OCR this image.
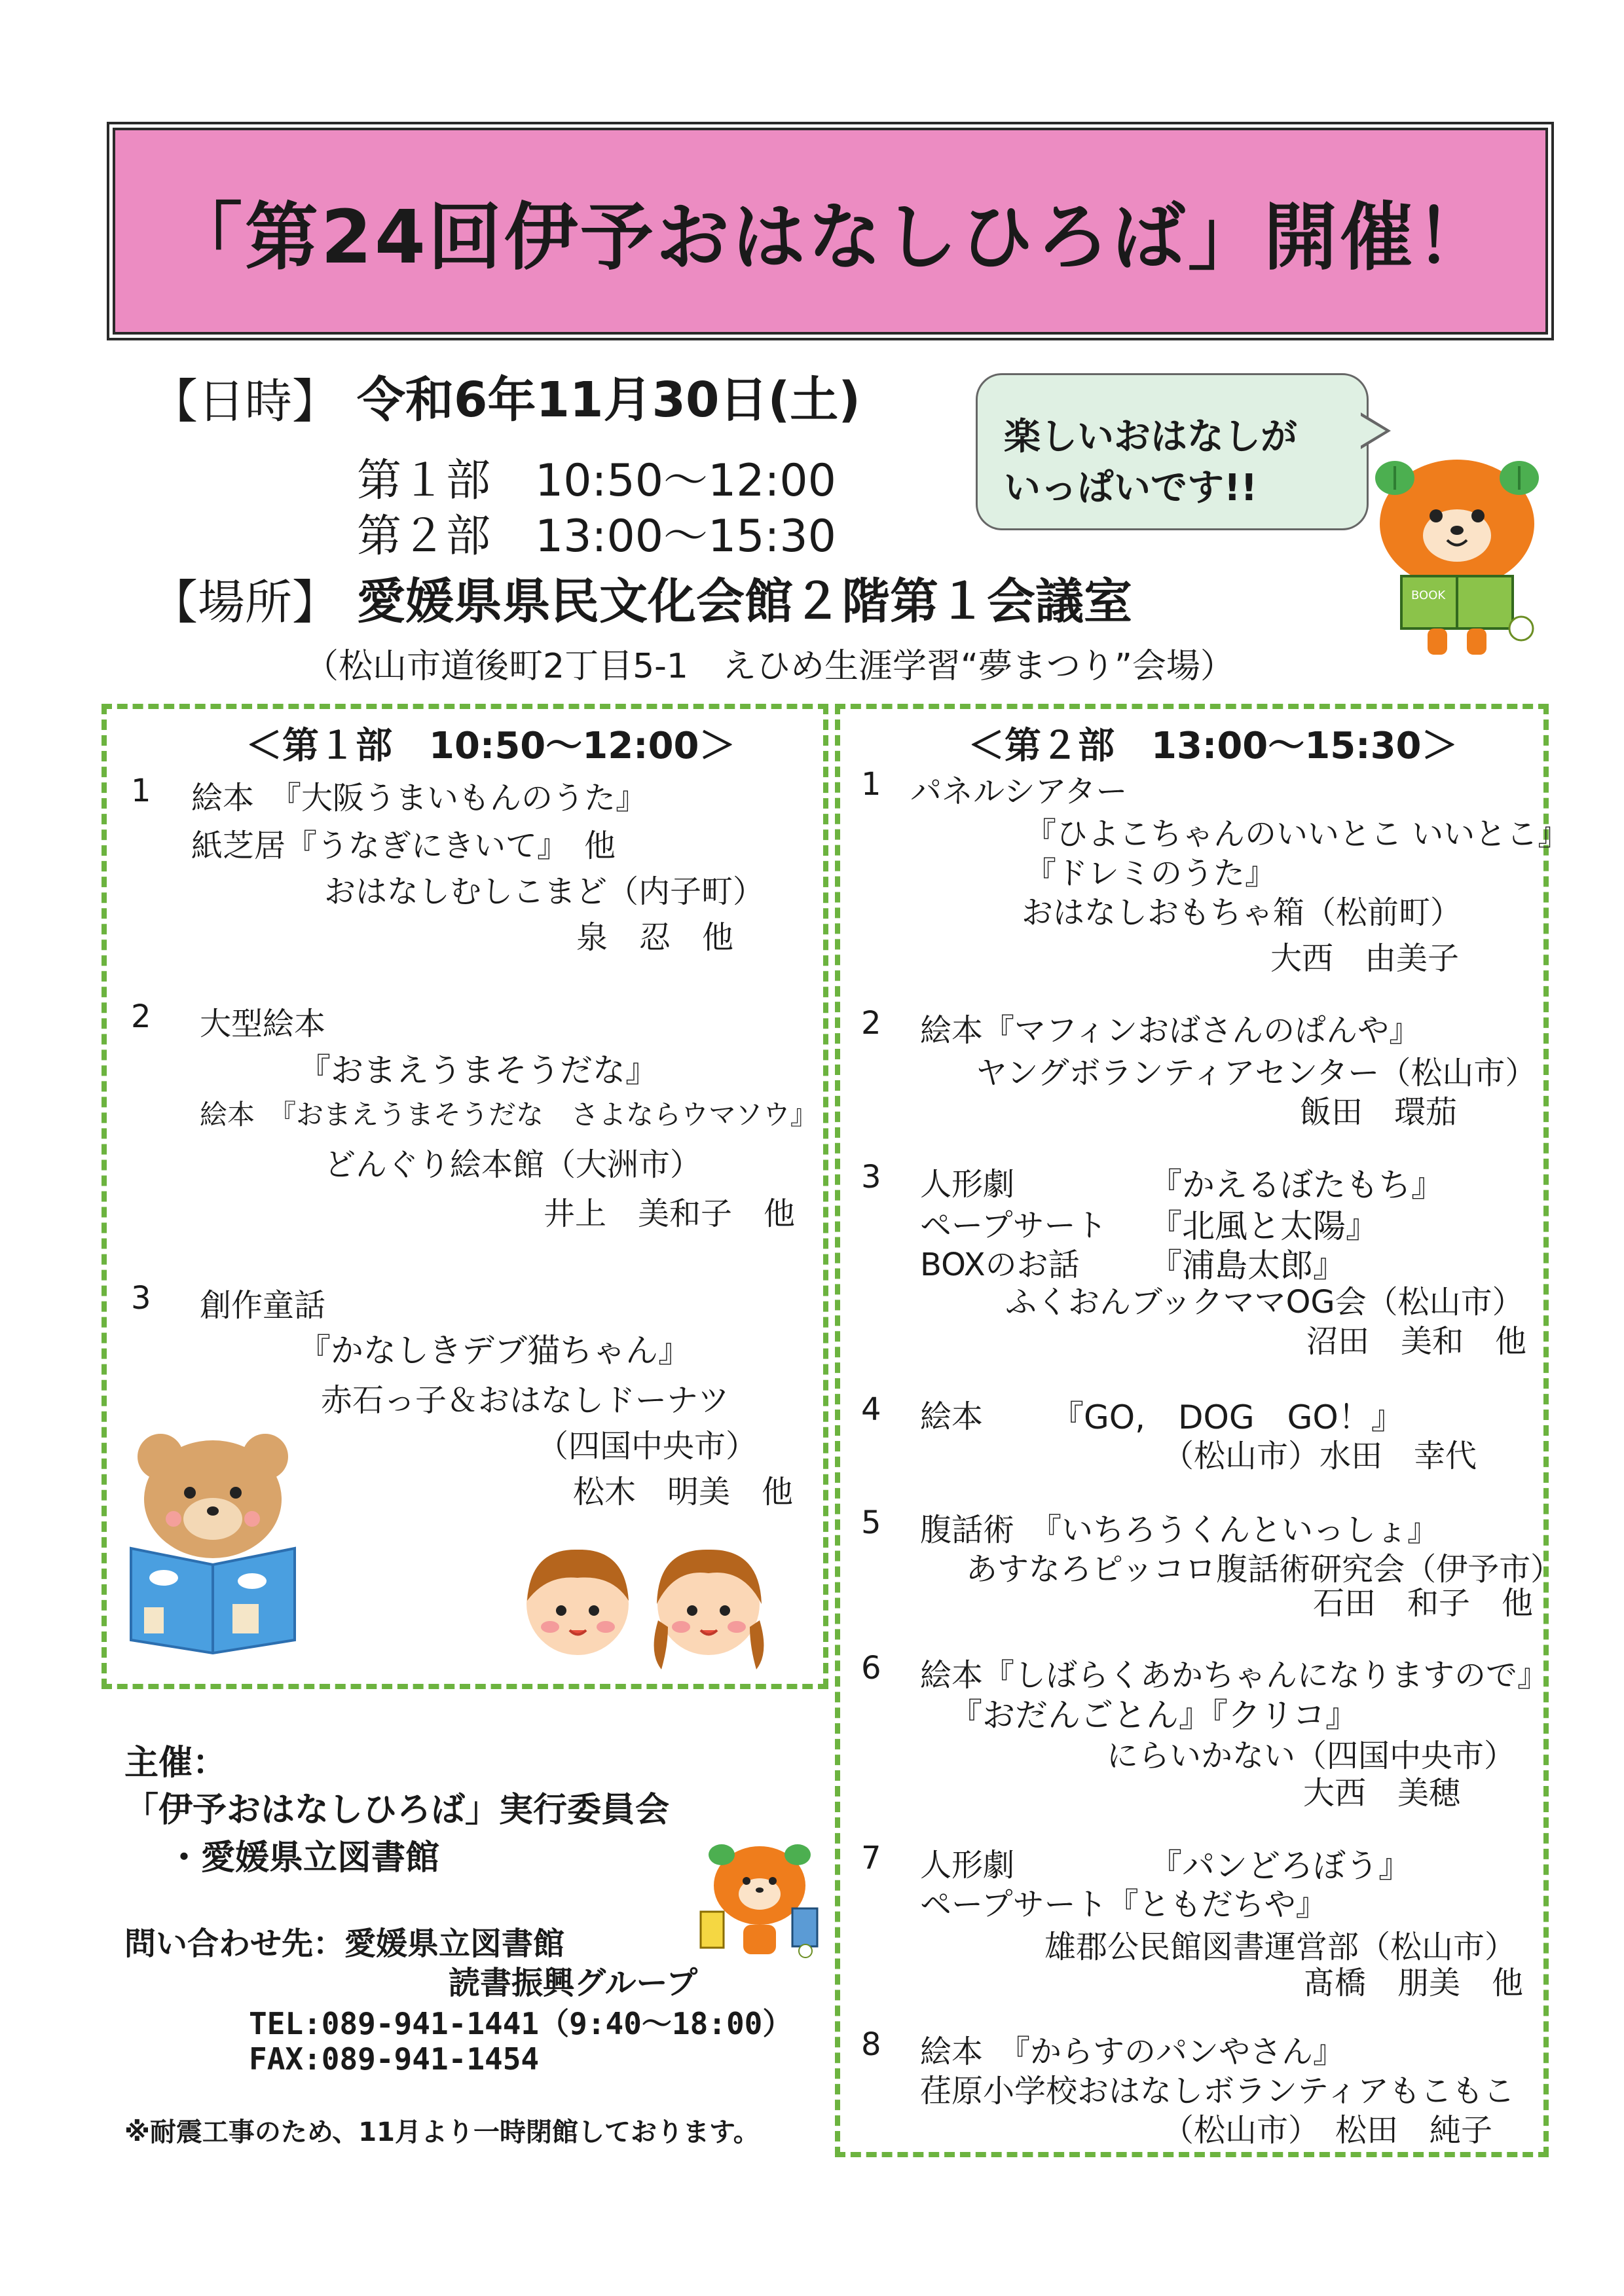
「第24回伊予おはなしひろば」開催！
【日時】 令和6年11月30日(土)
第１部　10:50～12:00
第２部　13:00～15:30
【場所】 愛媛県県民文化会館２階第１会議室
（松山市道後町2丁目5-1　えひめ生涯学習“夢まつり”会場）
楽しいおはなしが
いっぱいです!!
BOOK
＜第１部　10:50～12:00＞
1 絵本　『大阪うまいもんのうた』
紙芝居『うなぎにきいて』　他
おはなしむしこまど（内子町）
泉　忍　他
2 大型絵本
『おまえうまそうだな』
絵本　『おまえうまそうだな　さよならウマソウ』
どんぐり絵本館（大洲市）
井上　美和子　他
3 創作童話
『かなしきデブ猫ちゃん』
赤石っ子＆おはなしドーナツ
（四国中央市）
松木　明美　他
＜第２部　13:00～15:30＞
1 パネルシアター
『ひよこちゃんのいいとこ いいとこ』
『ドレミのうた』
おはなしおもちゃ箱（松前町）
大西　由美子
2 絵本『マフィンおばさんのぱんや』
ヤングボランティアセンター（松山市）
飯田　環茄
3 人形劇	『かえるぼたもち』
ペープサート 『北風と太陽』
BOXのお話 『浦島太郎』
ふくおんブックママOG会（松山市）
沼田　美和　他
4 絵本 『GO,　DOG　GO！』
（松山市）水田　幸代
5 腹話術　『いちろうくんといっしょ』
あすなろピッコロ腹話術研究会（伊予市）
石田　和子　他
6 絵本『しばらくあかちゃんになりますので』
『おだんごとん』『クリコ』
にらいかない（四国中央市）
大西　美穂
7 人形劇	『パンどろぼう』
ペープサート『ともだちや』
雄郡公民館図書運営部（松山市）
髙橋　朋美　他
8 絵本　『からすのパンやさん』
荏原小学校おはなしボランティアもこもこ
（松山市）　松田　純子
主催：
「伊予おはなしひろば」実行委員会
・愛媛県立図書館
問い合わせ先：愛媛県立図書館
読書振興グループ
TEL:089-941-1441（9:40～18:00）
FAX:089-941-1454
※耐震工事のため、11月より一時閉館しております。
